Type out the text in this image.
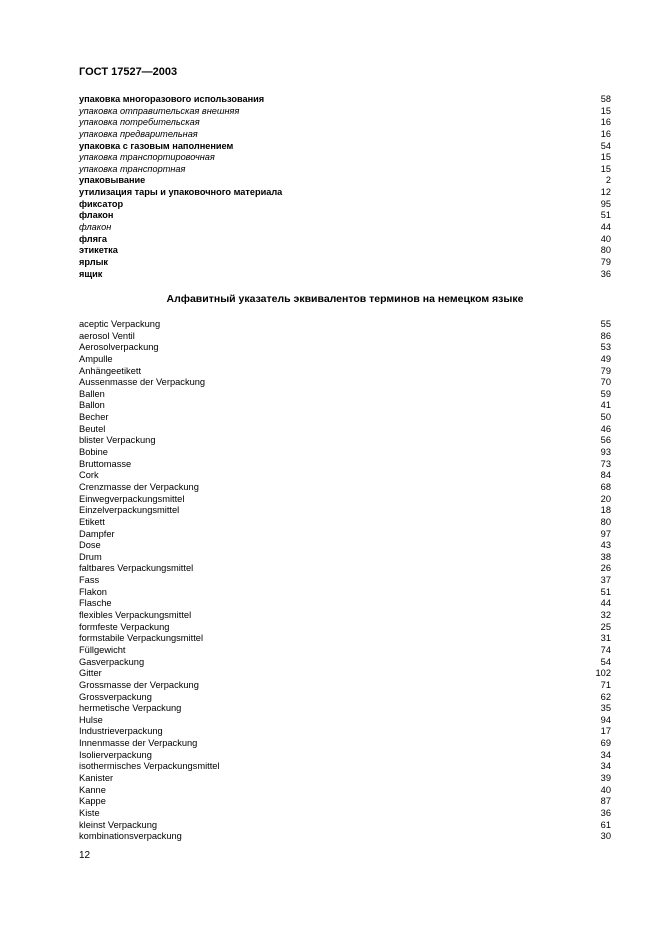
ГОСТ 17527—2003
упаковка многоразового использования	58
упаковка отправительская внешняя	15
упаковка потребительская	16
упаковка предварительная	16
упаковка с газовым наполнением	54
упаковка транспортировочная	15
упаковка транспортная	15
упаковывание	2
утилизация тары и упаковочного материала	12
фиксатор	95
флакон	51
флакон	44
фляга	40
этикетка	80
ярлык	79
ящик	36
Алфавитный указатель эквивалентов терминов на немецком языке
aceptic Verpackung	55
aerosol Ventil	86
Aerosolverpackung	53
Ampulle	49
Anhängeetikett	79
Aussenmasse der Verpackung	70
Ballen	59
Ballon	41
Becher	50
Beutel	46
blister Verpackung	56
Bobine	93
Bruttomasse	73
Cork	84
Crenzmasse der Verpackung	68
Einwegverpackungsmittel	20
Einzelverpackungsmittel	18
Etikett	80
Dampfer	97
Dose	43
Drum	38
faltbares Verpackungsmittel	26
Fass	37
Flakon	51
Flasche	44
flexibles Verpackungsmittel	32
formfeste Verpackung	25
formstabile Verpackungsmittel	31
Füllgewicht	74
Gasverpackung	54
Gitter	102
Grossmasse der Verpackung	71
Grossverpackung	62
hermetische Verpackung	35
Hulse	94
Industrieverpackung	17
Innenmasse der Verpackung	69
Isolierverpackung	34
isothermisches Verpackungsmittel	34
Kanister	39
Kanne	40
Kappe	87
Kiste	36
kleinst Verpackung	61
kombinationsverpackung	30
12
